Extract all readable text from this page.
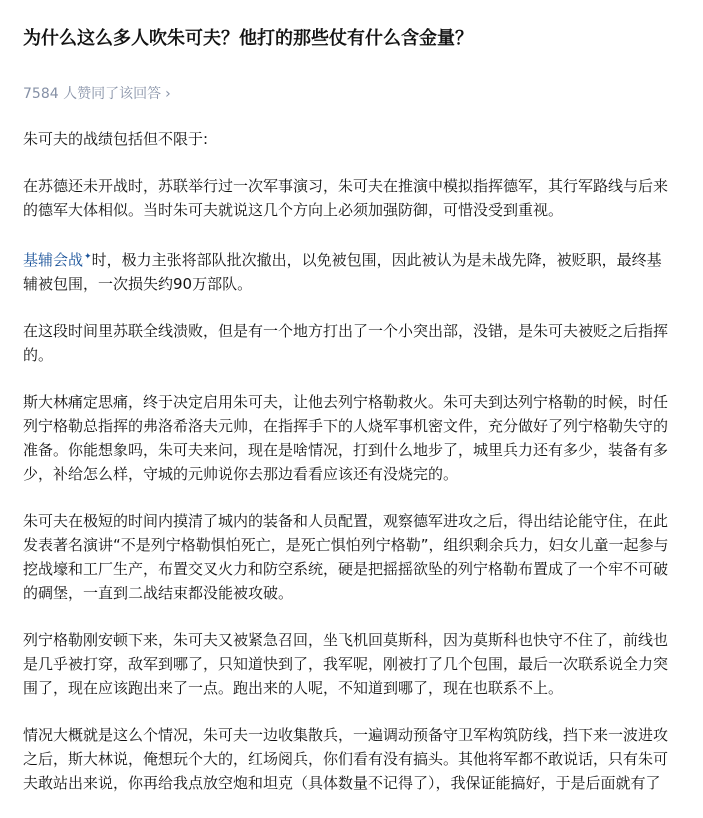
为什么这么多人吹朱可夫？他打的那些仗有什么含金量？
7584 人赞同了该回答 ›

朱可夫的战绩包括但不限于:

在苏德还未开战时，苏联举行过一次军事演习，朱可夫在推演中模拟指挥德军，其行军路线与后来的德军大体相似。当时朱可夫就说这几个方向上必须加强防御，可惜没受到重视。

基辅会战✦时，极力主张将部队批次撤出，以免被包围，因此被认为是未战先降，被贬职，最终基辅被包围，一次损失约90万部队。

在这段时间里苏联全线溃败，但是有一个地方打出了一个小突出部，没错，是朱可夫被贬之后指挥的。

斯大林痛定思痛，终于决定启用朱可夫，让他去列宁格勒救火。朱可夫到达列宁格勒的时候，时任列宁格勒总指挥的弗洛希洛夫元帅，在指挥手下的人烧军事机密文件，充分做好了列宁格勒失守的准备。你能想象吗，朱可夫来问，现在是啥情况，打到什么地步了，城里兵力还有多少，装备有多少，补给怎么样，守城的元帅说你去那边看看应该还有没烧完的。

朱可夫在极短的时间内摸清了城内的装备和人员配置，观察德军进攻之后，得出结论能守住，在此发表著名演讲“不是列宁格勒惧怕死亡，是死亡惧怕列宁格勒”，组织剩余兵力，妇女儿童一起参与挖战壕和工厂生产，布置交叉火力和防空系统，硬是把摇摇欲坠的列宁格勒布置成了一个牢不可破的碉堡，一直到二战结束都没能被攻破。

列宁格勒刚安顿下来，朱可夫又被紧急召回，坐飞机回莫斯科，因为莫斯科也快守不住了，前线也是几乎被打穿，敌军到哪了，只知道快到了，我军呢，刚被打了几个包围，最后一次联系说全力突围了，现在应该跑出来了一点。跑出来的人呢，不知道到哪了，现在也联系不上。

情况大概就是这么个情况，朱可夫一边收集散兵，一遍调动预备守卫军构筑防线，挡下来一波进攻之后，斯大林说，俺想玩个大的，红场阅兵，你们看有没有搞头。其他将军都不敢说话，只有朱可夫敢站出来说，你再给我点放空炮和坦克（具体数量不记得了），我保证能搞好，于是后面就有了
